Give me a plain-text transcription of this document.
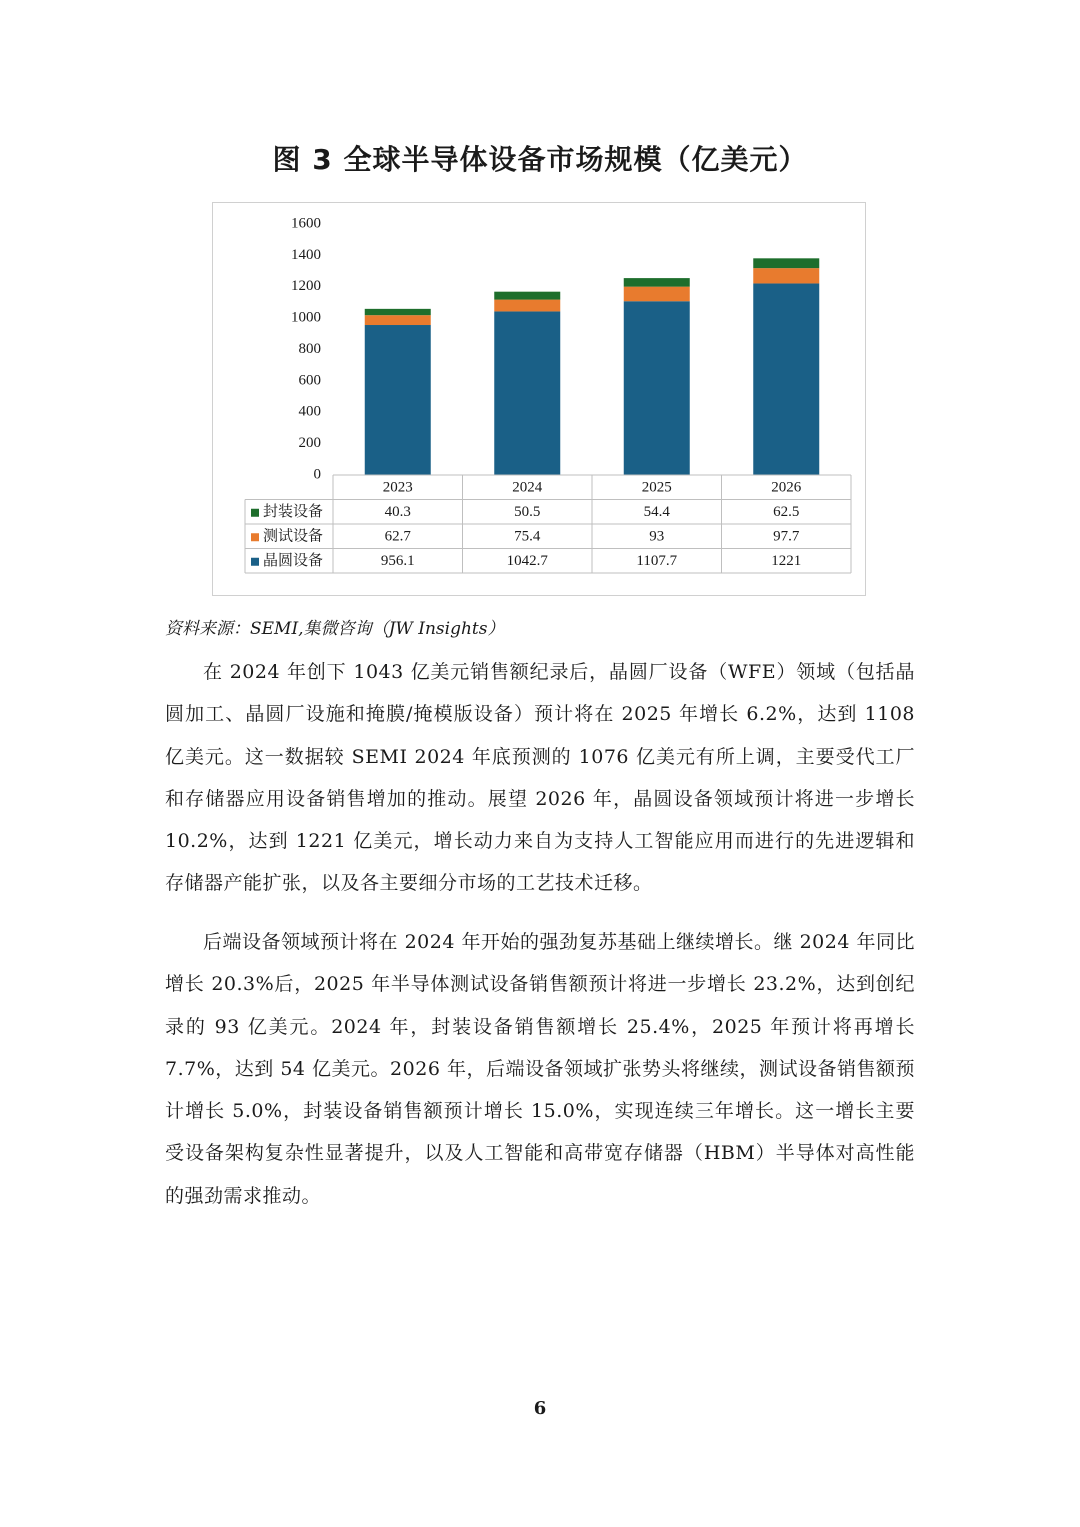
图 3 全球半导体设备市场规模（亿美元）
0
200
400
600
800
1000
1200
1400
1600
2023	2024	2025	2026
封装设备	40.3	50.5	54.4	62.5
测试设备	62.7	75.4	93	97.7
晶圆设备	956.1	1042.7	1107.7	1221

资料来源：SEMI,集微咨询（JW Insights）

在 2024 年创下 1043 亿美元销售额纪录后，晶圆厂设备（WFE）领域（包括晶圆加工、晶圆厂设施和掩膜/掩模版设备）预计将在 2025 年增长 6.2%，达到 1108 亿美元。这一数据较 SEMI 2024 年底预测的 1076 亿美元有所上调，主要受代工厂和存储器应用设备销售增加的推动。展望 2026 年，晶圆设备领域预计将进一步增长 10.2%，达到 1221 亿美元，增长动力来自为支持人工智能应用而进行的先进逻辑和存储器产能扩张，以及各主要细分市场的工艺技术迁移。

后端设备领域预计将在 2024 年开始的强劲复苏基础上继续增长。继 2024 年同比增长 20.3%后，2025 年半导体测试设备销售额预计将进一步增长 23.2%，达到创纪录的 93 亿美元。2024 年，封装设备销售额增长 25.4%，2025 年预计将再增长 7.7%，达到 54 亿美元。2026 年，后端设备领域扩张势头将继续，测试设备销售额预计增长 5.0%，封装设备销售额预计增长 15.0%，实现连续三年增长。这一增长主要受设备架构复杂性显著提升，以及人工智能和高带宽存储器（HBM）半导体对高性能的强劲需求推动。

6
